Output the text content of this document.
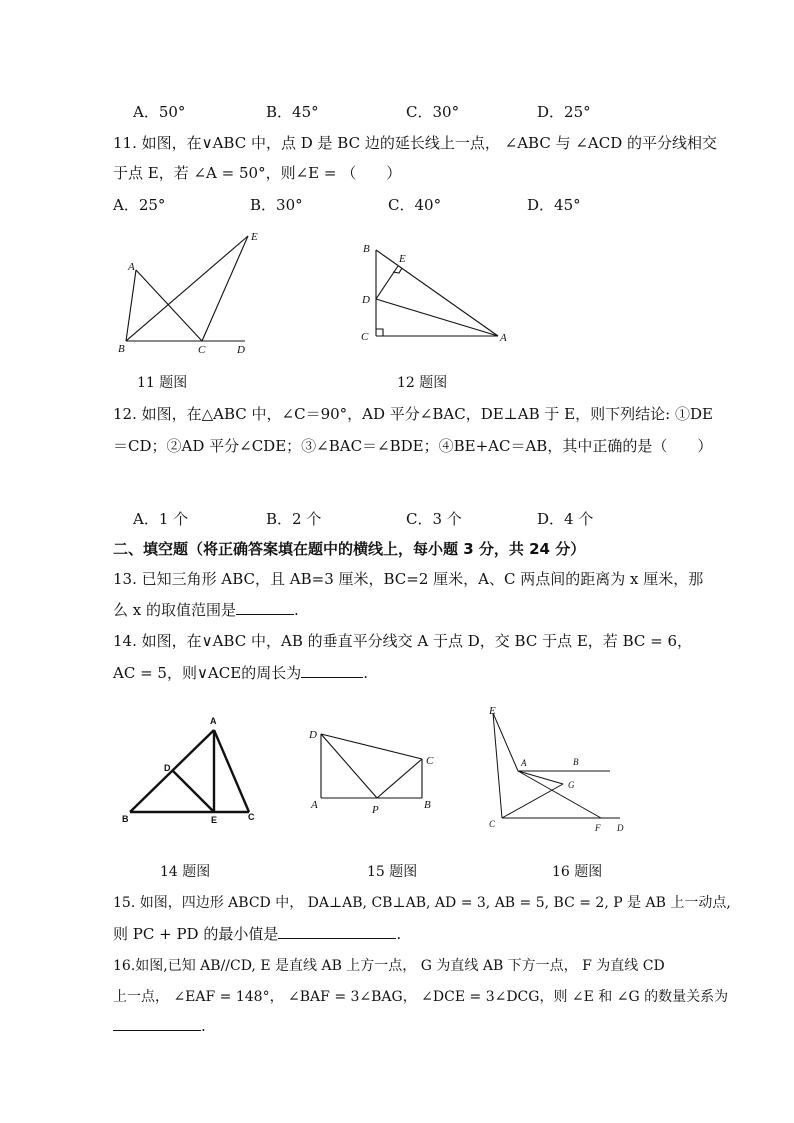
A．50°	B．45°	C．30°	D．25°
11. 如图，在∨ABC 中，点 D 是 BC 边的延长线上一点， ∠ABC 与 ∠ACD 的平分线相交
于点 E，若 ∠A = 50°，则∠E = （　　）
A．25°	B．30°	C．40°	D．45°
A
B	C	D
E
B
E
D
C	A
11 题图	12 题图
12. 如图，在△ABC 中，∠C＝90°，AD 平分∠BAC，DE⊥AB 于 E，则下列结论: ①DE
＝CD；②AD 平分∠CDE；③∠BAC＝∠BDE；④BE+AC＝AB，其中正确的是（　　）
A．1 个	B．2 个	C．3 个	D．4 个
二、填空题（将正确答案填在题中的横线上，每小题 3 分，共 24 分）
13. 已知三角形 ABC，且 AB=3 厘米，BC=2 厘米，A、C 两点间的距离为 x 厘米，那
么 x 的取值范围是	.
14. 如图，在∨ABC 中，AB 的垂直平分线交 A 于点 D，交 BC 于点 E，若 BC = 6，
AC = 5，则∨ACE的周长为	.
A
D
B	E	C
D
C
A	P	B
E
A	B
G
C	F D
14 题图	15 题图	16 题图
15. 如图，四边形 ABCD 中， DA⊥AB, CB⊥AB, AD = 3, AB = 5, BC = 2, P 是 AB 上一动点,
则 PC + PD 的最小值是	.
16.如图,已知 AB//CD, E 是直线 AB 上方一点， G 为直线 AB 下方一点， F 为直线 CD
上一点， ∠EAF = 148°， ∠BAF = 3∠BAG， ∠DCE = 3∠DCG，则 ∠E 和 ∠G 的数量关系为
.
